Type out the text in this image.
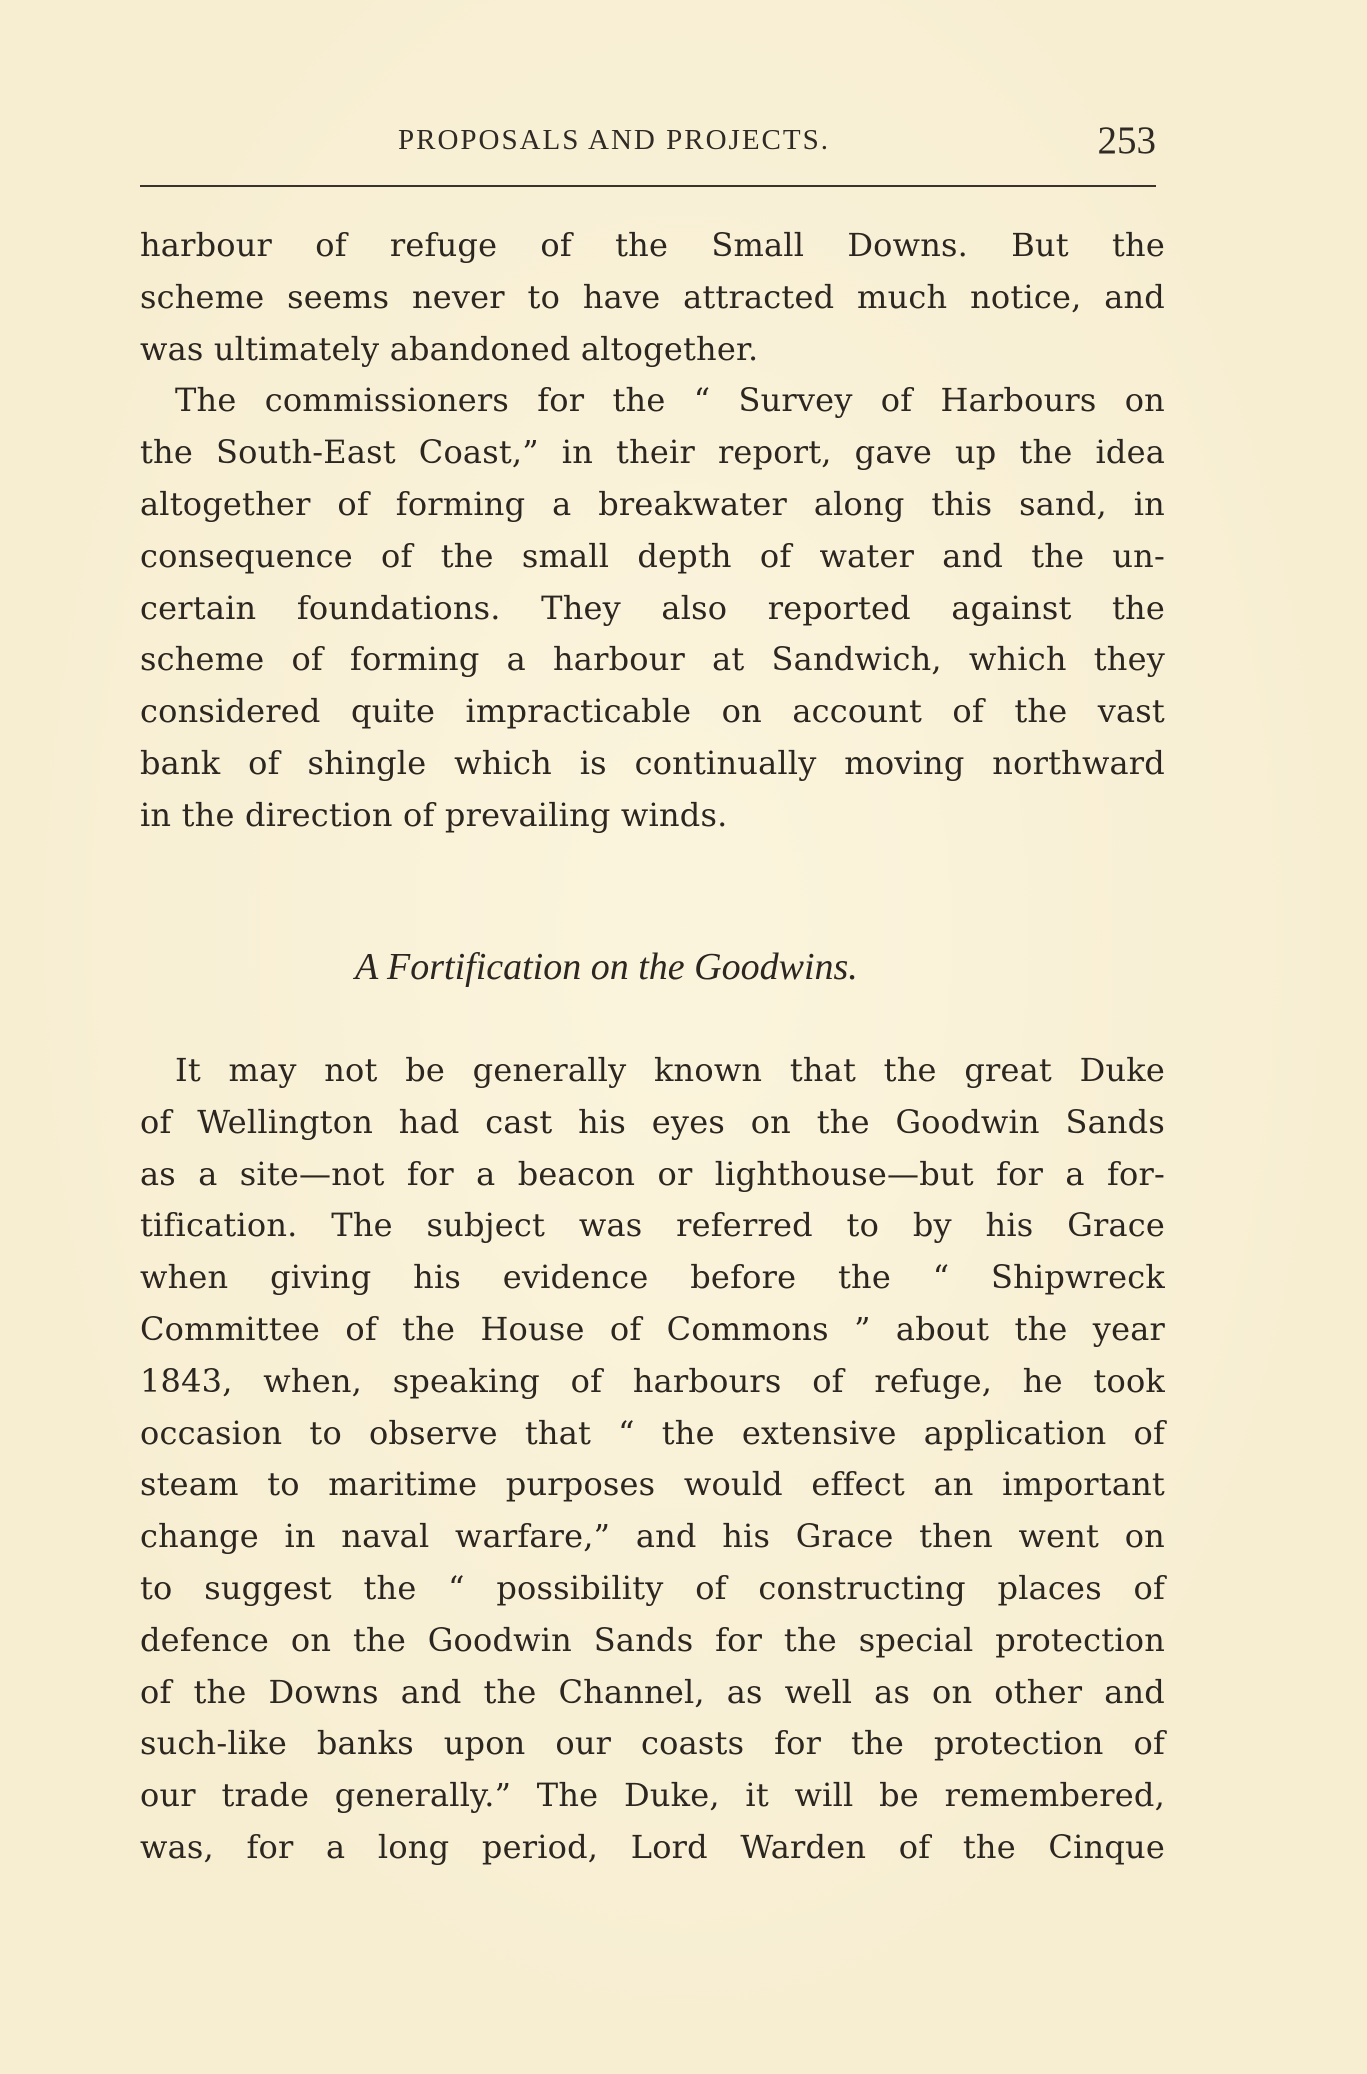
PROPOSALS AND PROJECTS.	253
harbour of refuge of the Small Downs. But the
scheme seems never to have attracted much notice, and
was ultimately abandoned altogether.
The commissioners for the “ Survey of Harbours on
the South-East Coast,” in their report, gave up the idea
altogether of forming a breakwater along this sand, in
consequence of the small depth of water and the un-
certain foundations. They also reported against the
scheme of forming a harbour at Sandwich, which they
considered quite impracticable on account of the vast
bank of shingle which is continually moving northward
in the direction of prevailing winds.
A Fortification on the Goodwins.
It may not be generally known that the great Duke
of Wellington had cast his eyes on the Goodwin Sands
as a site—not for a beacon or lighthouse—but for a for-
tification. The subject was referred to by his Grace
when giving his evidence before the “ Shipwreck
Committee of the House of Commons ” about the year
1843, when, speaking of harbours of refuge, he took
occasion to observe that “ the extensive application of
steam to maritime purposes would effect an important
change in naval warfare,” and his Grace then went on
to suggest the “ possibility of constructing places of
defence on the Goodwin Sands for the special protection
of the Downs and the Channel, as well as on other and
such-like banks upon our coasts for the protection of
our trade generally.” The Duke, it will be remembered,
was, for a long period, Lord Warden of the Cinque
